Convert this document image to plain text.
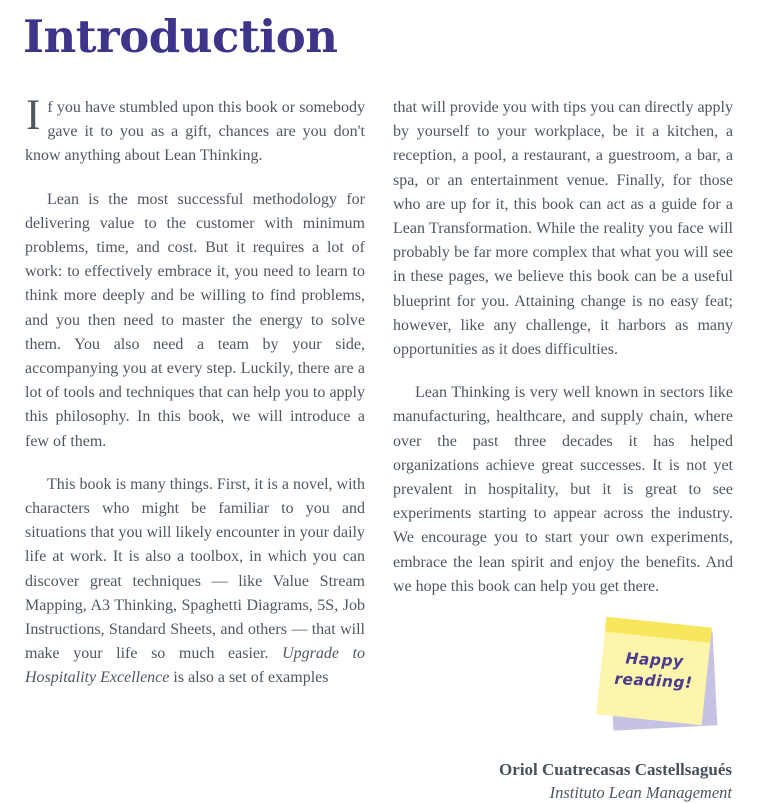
Introduction

If you have stumbled upon this book or somebody gave it to you as a gift, chances are you don't know anything about Lean Thinking.

Lean is the most successful methodology for delivering value to the customer with minimum problems, time, and cost. But it requires a lot of work: to effectively embrace it, you need to learn to think more deeply and be willing to find problems, and you then need to master the energy to solve them. You also need a team by your side, accompanying you at every step. Luckily, there are a lot of tools and techniques that can help you to apply this philosophy. In this book, we will introduce a few of them.

This book is many things. First, it is a novel, with characters who might be familiar to you and situations that you will likely encounter in your daily life at work. It is also a toolbox, in which you can discover great techniques — like Value Stream Mapping, A3 Thinking, Spaghetti Diagrams, 5S, Job Instructions, Standard Sheets, and others — that will make your life so much easier. Upgrade to Hospitality Excellence is also a set of examples

that will provide you with tips you can directly apply by yourself to your workplace, be it a kitchen, a reception, a pool, a restaurant, a guestroom, a bar, a spa, or an entertainment venue. Finally, for those who are up for it, this book can act as a guide for a Lean Transformation. While the reality you face will probably be far more complex that what you will see in these pages, we believe this book can be a useful blueprint for you. Attaining change is no easy feat; however, like any challenge, it harbors as many opportunities as it does difficulties.

Lean Thinking is very well known in sectors like manufacturing, healthcare, and supply chain, where over the past three decades it has helped organizations achieve great successes. It is not yet prevalent in hospitality, but it is great to see experiments starting to appear across the industry. We encourage you to start your own experiments, embrace the lean spirit and enjoy the benefits. And we hope this book can help you get there.

Happy
reading!
Oriol Cuatrecasas Castellsagués
Instituto Lean Management
